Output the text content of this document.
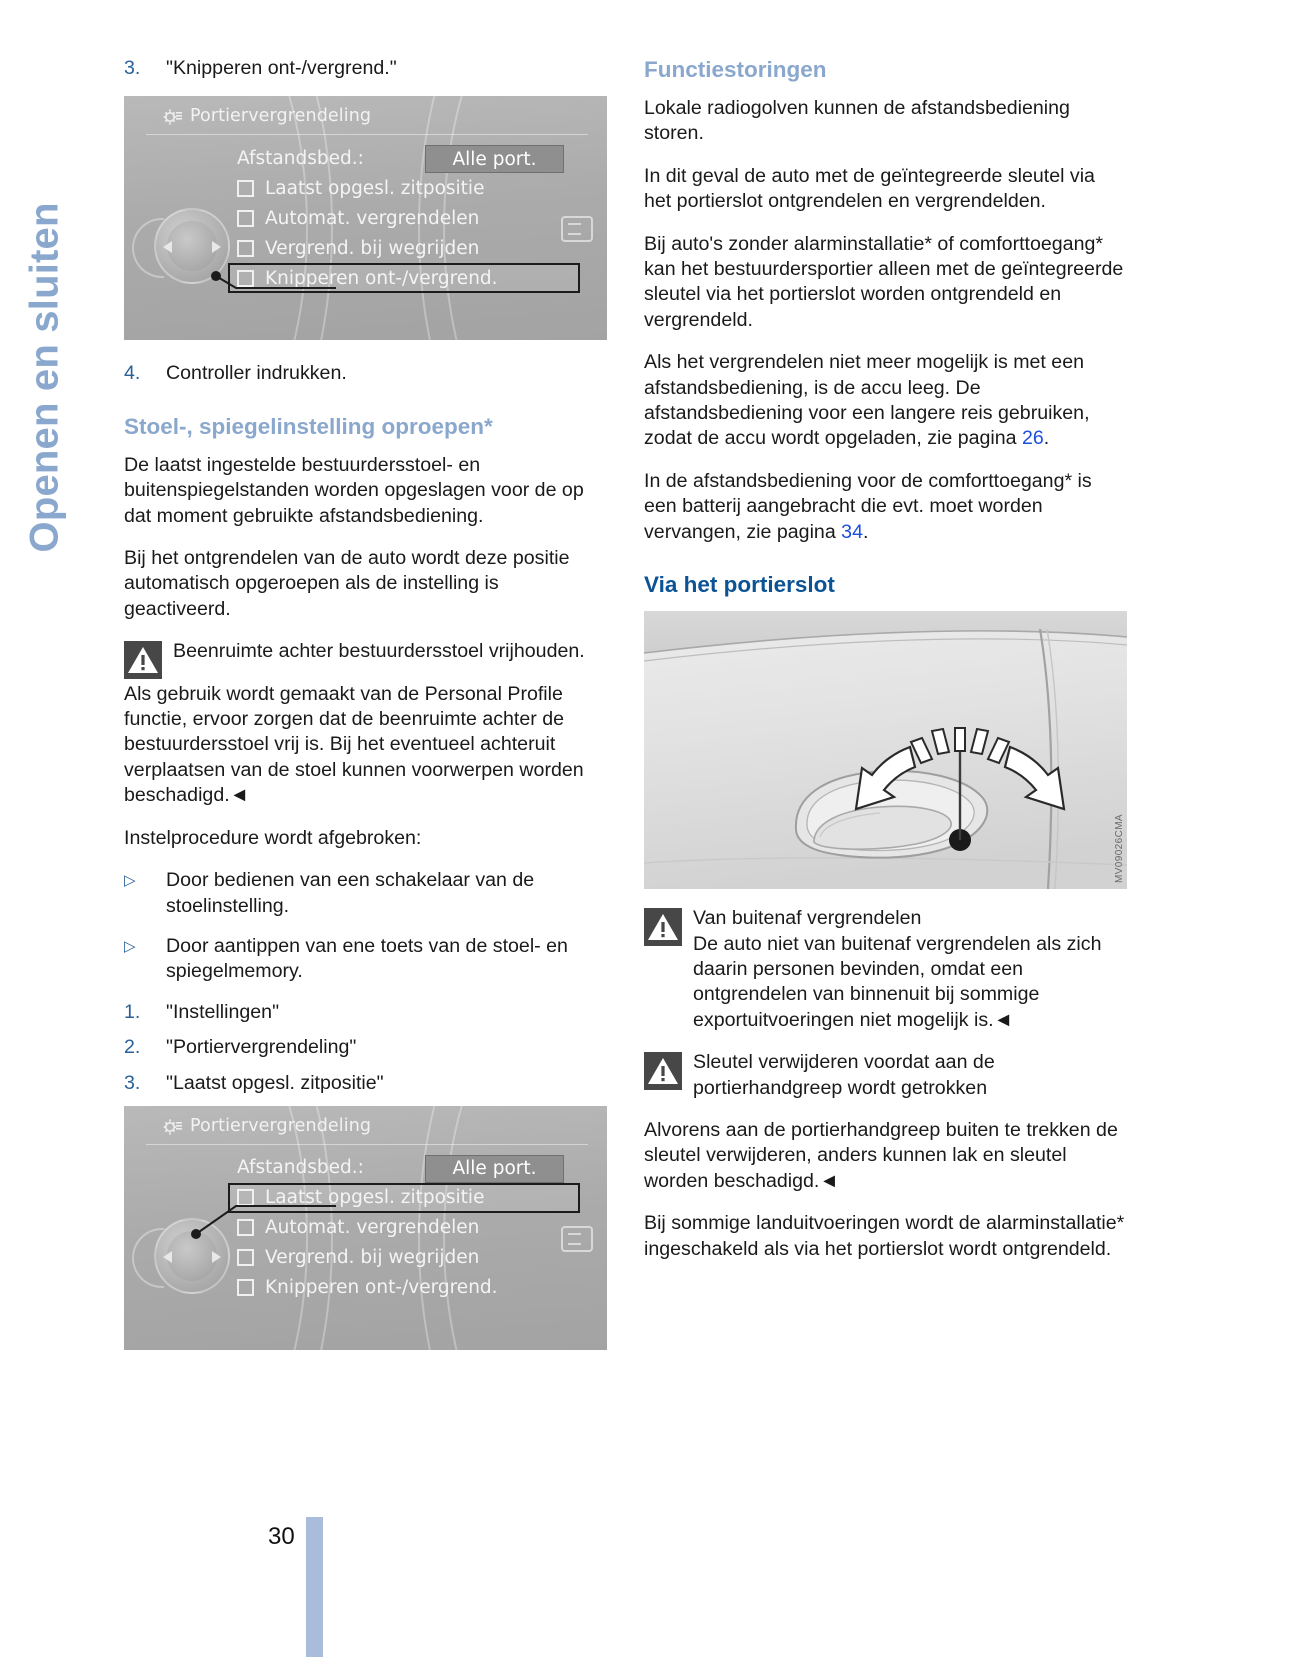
Openen en sluiten
3.	"Knipperen ont-/vergrend."
Portiervergrendeling
Afstandsbed.:	Alle port.
Laatst opgesl. zitpositie
Automat. vergrendelen
Vergrend. bij wegrijden
Knipperen ont-/vergrend.
4.	Controller indrukken.
Stoel-, spiegelinstelling oproepen*

De laatst ingestelde bestuurdersstoel- en buitenspiegelstanden worden opgeslagen voor de op dat moment gebruikte afstandsbediening.

Bij het ontgrendelen van de auto wordt deze positie automatisch opgeroepen als de instelling is geactiveerd.

Beenruimte achter bestuurdersstoel vrijhouden.

Als gebruik wordt gemaakt van de Personal Profile functie, ervoor zorgen dat de beenruimte achter de bestuurdersstoel vrij is. Bij het eventueel achteruit verplaatsen van de stoel kunnen voorwerpen worden beschadigd.◄

Instelprocedure wordt afgebroken:

▷	Door bedienen van een schakelaar van de stoelinstelling.
▷	Door aantippen van ene toets van de stoel- en spiegelmemory.
1.	"Instellingen"
2.	"Portiervergrendeling"
3.	"Laatst opgesl. zitpositie"
Portiervergrendeling
Afstandsbed.:	Alle port.
Laatst opgesl. zitpositie
Automat. vergrendelen
Vergrend. bij wegrijden
Knipperen ont-/vergrend.
Functiestoringen

Lokale radiogolven kunnen de afstandsbediening storen.

In dit geval de auto met de geïntegreerde sleutel via het portierslot ontgrendelen en vergrendelden.

Bij auto's zonder alarminstallatie* of comforttoegang* kan het bestuurdersportier alleen met de geïntegreerde sleutel via het portierslot worden ontgrendeld en vergrendeld.

Als het vergrendelen niet meer mogelijk is met een afstandsbediening, is de accu leeg. De afstandsbediening voor een langere reis gebruiken, zodat de accu wordt opgeladen, zie pagina 26.

In de afstandsbediening voor de comforttoegang* is een batterij aangebracht die evt. moet worden vervangen, zie pagina 34.

Via het portierslot
MV09026CMA
Van buitenaf vergrendelen
De auto niet van buitenaf vergrendelen als zich daarin personen bevinden, omdat een ontgrendelen van binnenuit bij sommige exportuitvoeringen niet mogelijk is.◄
Sleutel verwijderen voordat aan de portierhandgreep wordt getrokken

Alvorens aan de portierhandgreep buiten te trekken de sleutel verwijderen, anders kunnen lak en sleutel worden beschadigd.◄

Bij sommige landuitvoeringen wordt de alarminstallatie* ingeschakeld als via het portierslot wordt ontgrendeld.

30
